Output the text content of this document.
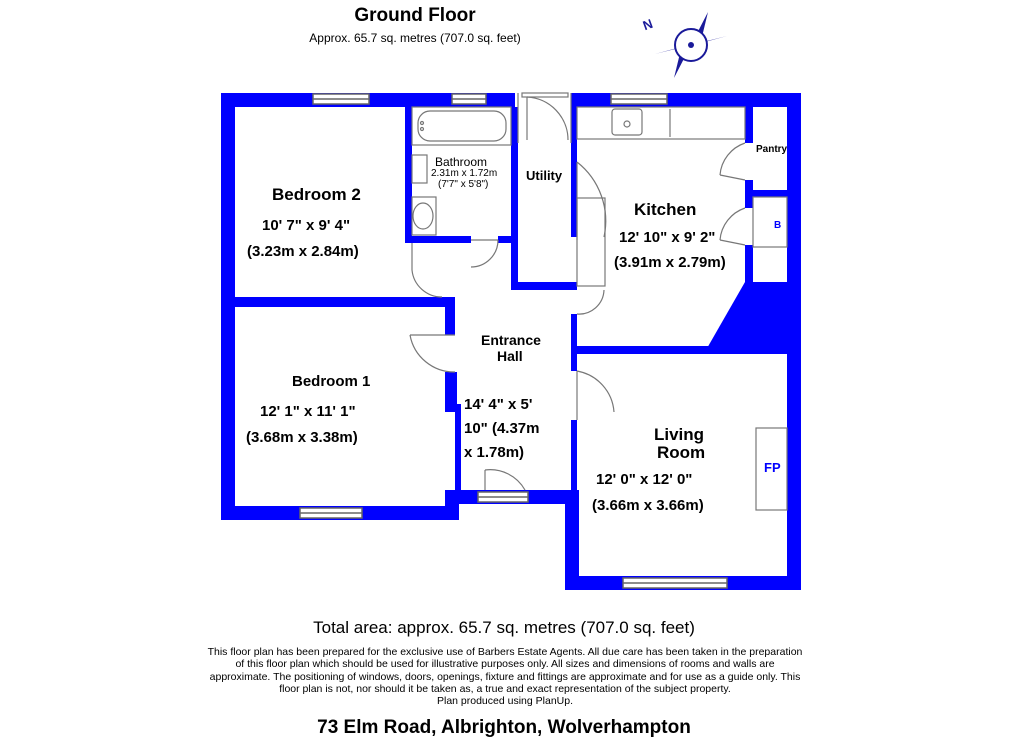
Ground Floor
Approx. 65.7 sq. metres (707.0 sq. feet)
N
Bedroom 2
10' 7" x 9' 4"
(3.23m x 2.84m)
Bathroom
2.31m x 1.72m
(7'7" x 5'8")
Utility
Pantry
Kitchen
12' 10" x 9' 2"
(3.91m x 2.79m)
B
Entrance
Hall
14' 4" x 5'
10" (4.37m
x 1.78m)
Bedroom 1
12' 1" x 11' 1"
(3.68m x 3.38m)	Living
Room
12' 0" x 12' 0"
(3.66m x 3.66m)
FP
Total area: approx. 65.7 sq. metres (707.0 sq. feet)
This floor plan has been prepared for the exclusive use of Barbers Estate Agents. All due care has been taken in the preparation
of this floor plan which should be used for illustrative purposes only. All sizes and dimensions of rooms and walls are
approximate. The positioning of windows, doors, openings, fixture and fittings are approximate and for use as a guide only. This
floor plan is not, nor should it be taken as, a true and exact representation of the subject property.
Plan produced using PlanUp.
73 Elm Road, Albrighton, Wolverhampton
